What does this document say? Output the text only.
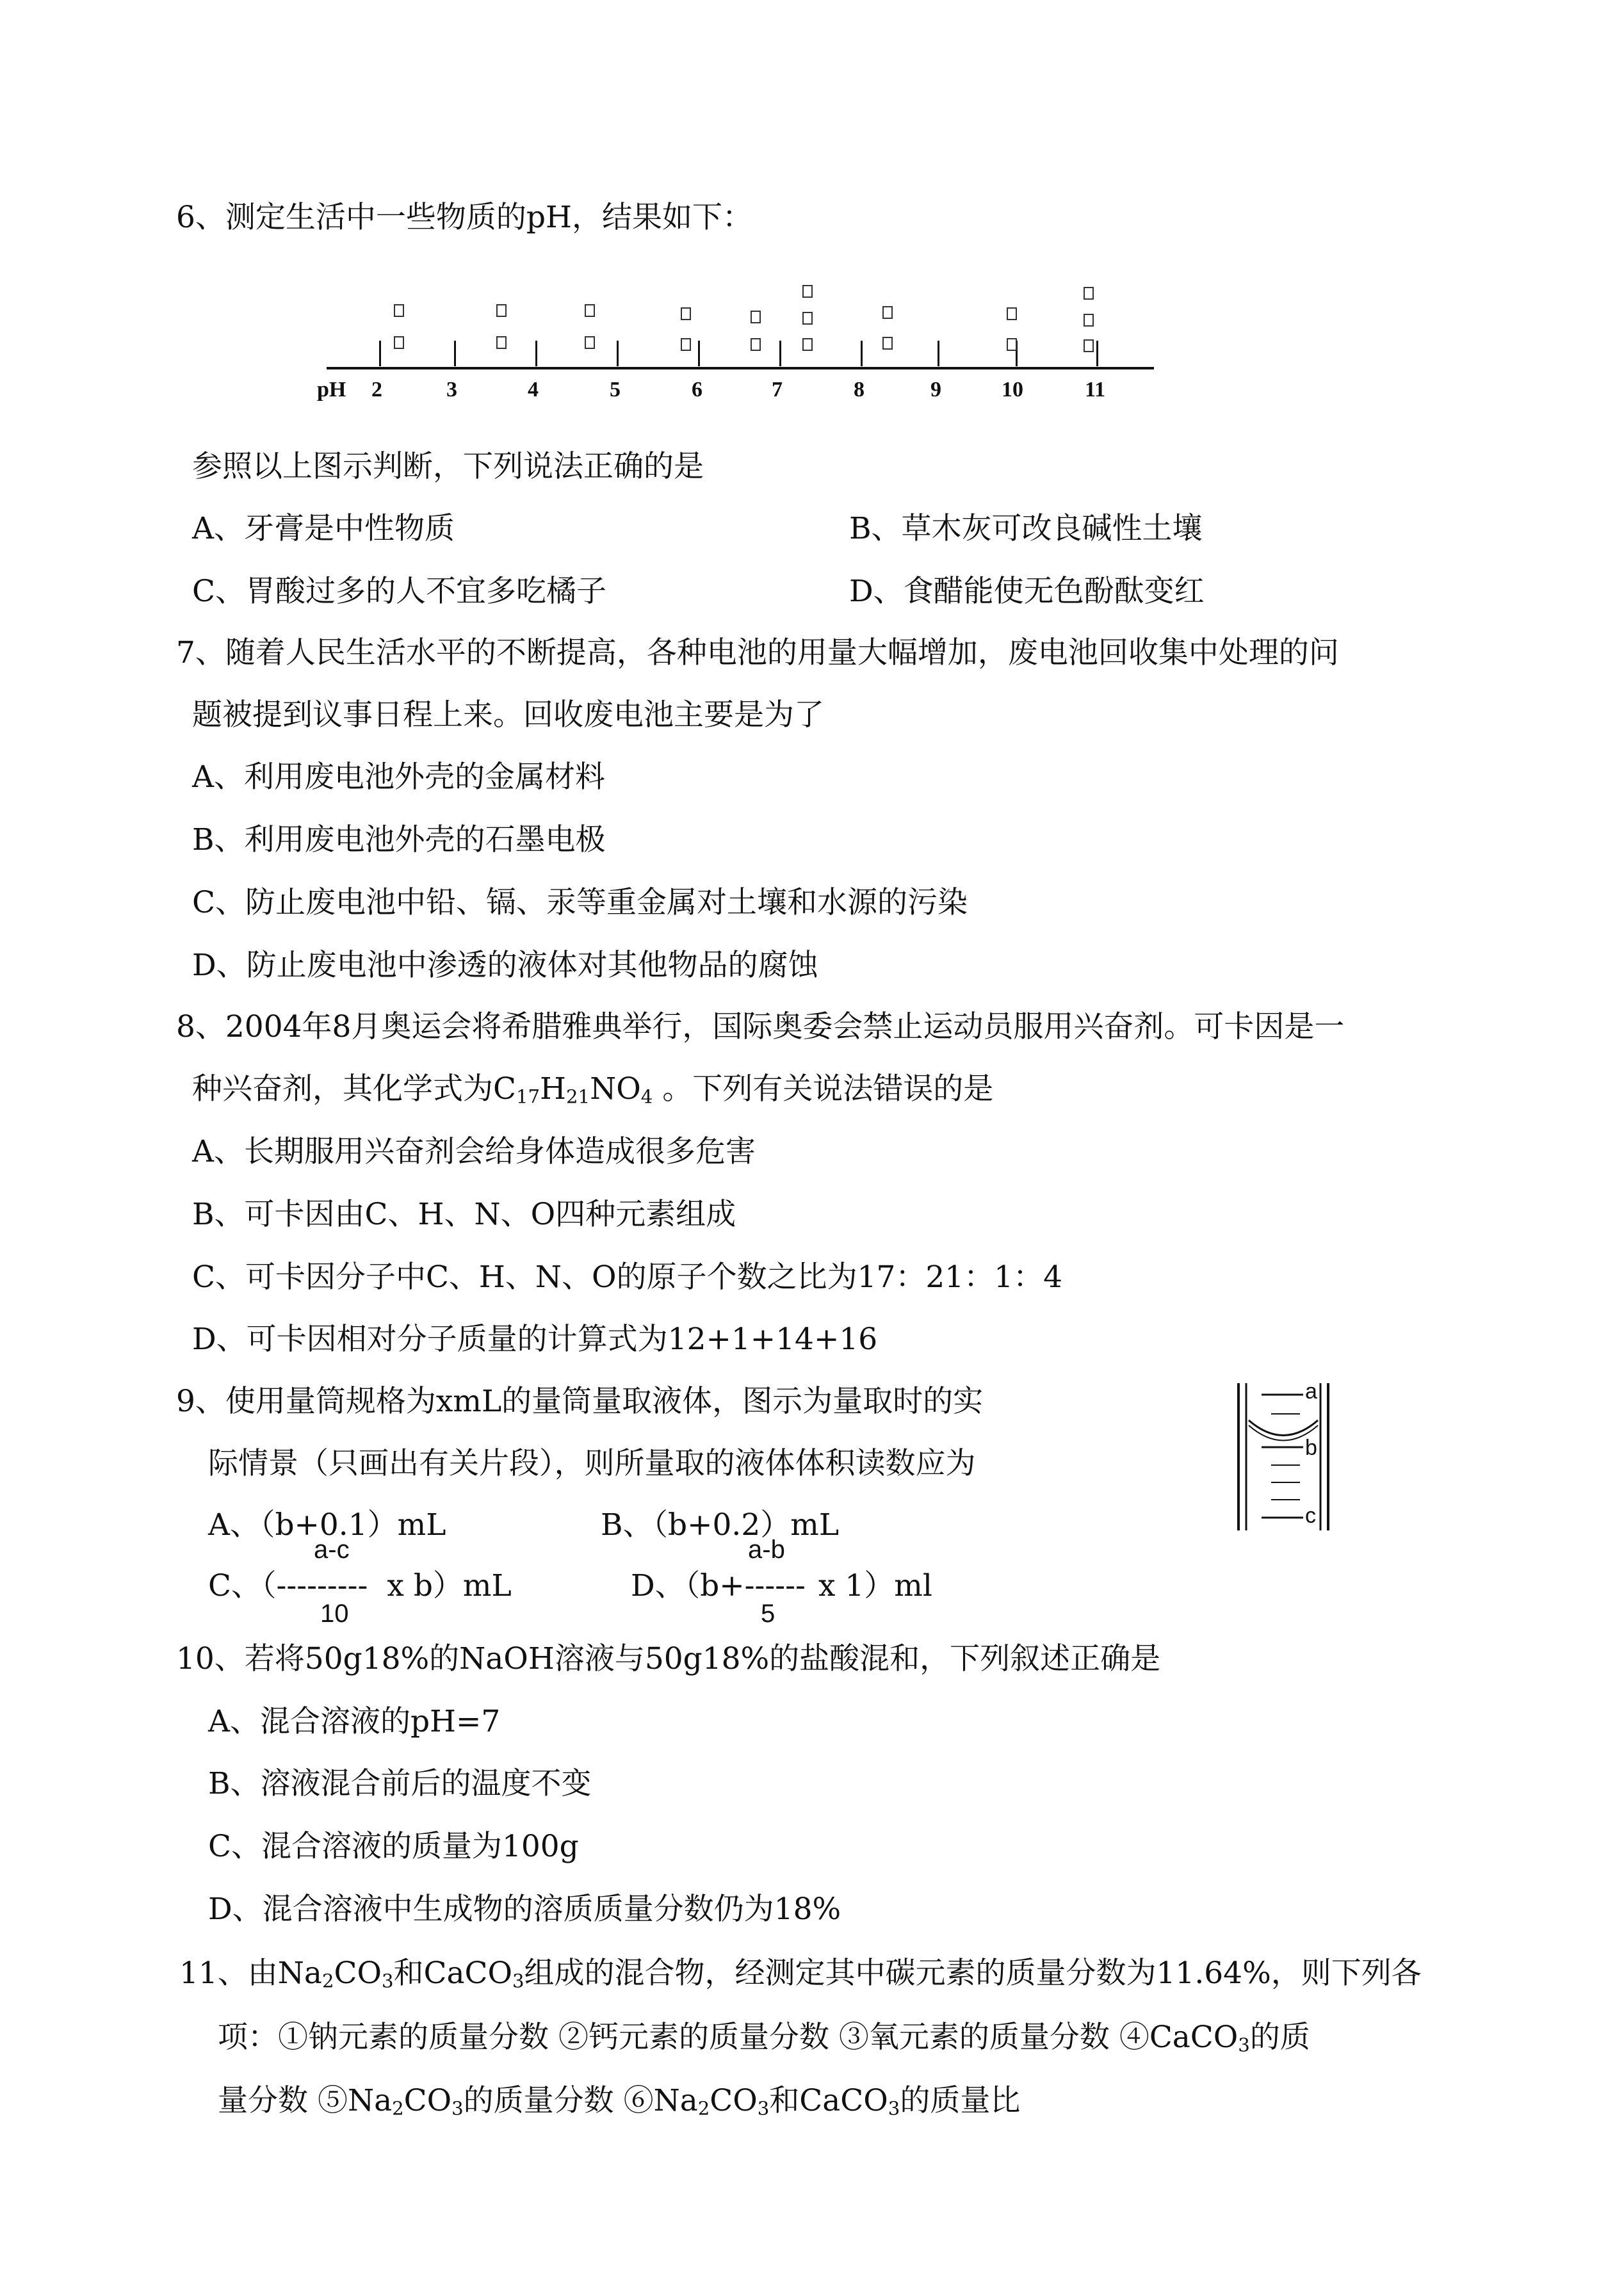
6、测定生活中一些物质的pH，结果如下：
pH 2	3	4	5	6	7	8	9	10	11
参照以上图示判断，下列说法正确的是
A、牙膏是中性物质	B、草木灰可改良碱性土壤
C、胃酸过多的人不宜多吃橘子	D、食醋能使无色酚酞变红
7、随着人民生活水平的不断提高，各种电池的用量大幅增加，废电池回收集中处理的问
题被提到议事日程上来。回收废电池主要是为了
A、利用废电池外壳的金属材料
B、利用废电池外壳的石墨电极
C、防止废电池中铅、镉、汞等重金属对土壤和水源的污染
D、防止废电池中渗透的液体对其他物品的腐蚀
8、2004年8月奥运会将希腊雅典举行，国际奥委会禁止运动员服用兴奋剂。可卡因是一
种兴奋剂，其化学式为$C_{17}H_{21}NO_4$ 。下列有关说法错误的是
A、长期服用兴奋剂会给身体造成很多危害
B、可卡因由C、H、N、O四种元素组成
C、可卡因分子中C、H、N、O的原子个数之比为17：21：1：4
D、可卡因相对分子质量的计算式为12+1+14+16
9、使用量筒规格为xmL的量筒量取液体，图示为量取时的实
际情景（只画出有关片段），则所量取的液体体积读数应为
A、（b+0.1）mL	B、（b+0.2）mL
C、（--------- x b）mL
a-c
10
D、（b+------ x 1）ml
a-b
5
a
b
c
10、若将50g18%的NaOH溶液与50g18%的盐酸混和，下列叙述正确是
A、混合溶液的pH=7
B、溶液混合前后的温度不变
C、混合溶液的质量为100g
D、混合溶液中生成物的溶质质量分数仍为18%
11、由$Na_2CO_3$和CaCO$_3$组成的混合物，经测定其中碳元素的质量分数为11.64%，则下列各
项：①钠元素的质量分数 ②钙元素的质量分数 ③氧元素的质量分数 ④CaCO$_3$的质
量分数 $⑤Na_2CO_3$的质量分数 $⑥Na_2CO_3$和CaCO$_3$的质量比
